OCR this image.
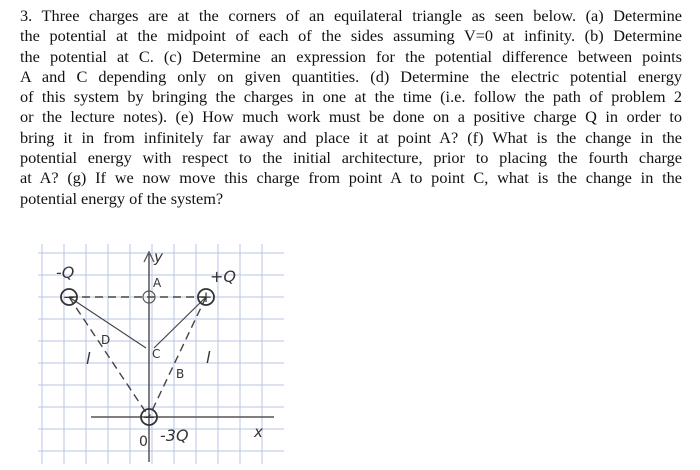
3. Three charges are at the corners of an equilateral triangle as seen below. (a) Determine
the potential at the midpoint of each of the sides assuming V=0 at infinity. (b) Determine
the potential at C. (c) Determine an expression for the potential difference between points
A and C depending only on given quantities. (d) Determine the electric potential energy
of this system by bringing the charges in one at the time (i.e. follow the path of problem 2
or the lecture notes). (e) How much work must be done on a positive charge Q in order to
bring it in from infinitely far away and place it at point A? (f) What is the change in the
potential energy with respect to the initial architecture, prior to placing the fourth charge
at A? (g) If we now move this charge from point A to point C, what is the change in the
potential energy of the system?
−	+
−
-Q	+Q
-3Q
y
x
0
A
C
D
B
l	l
